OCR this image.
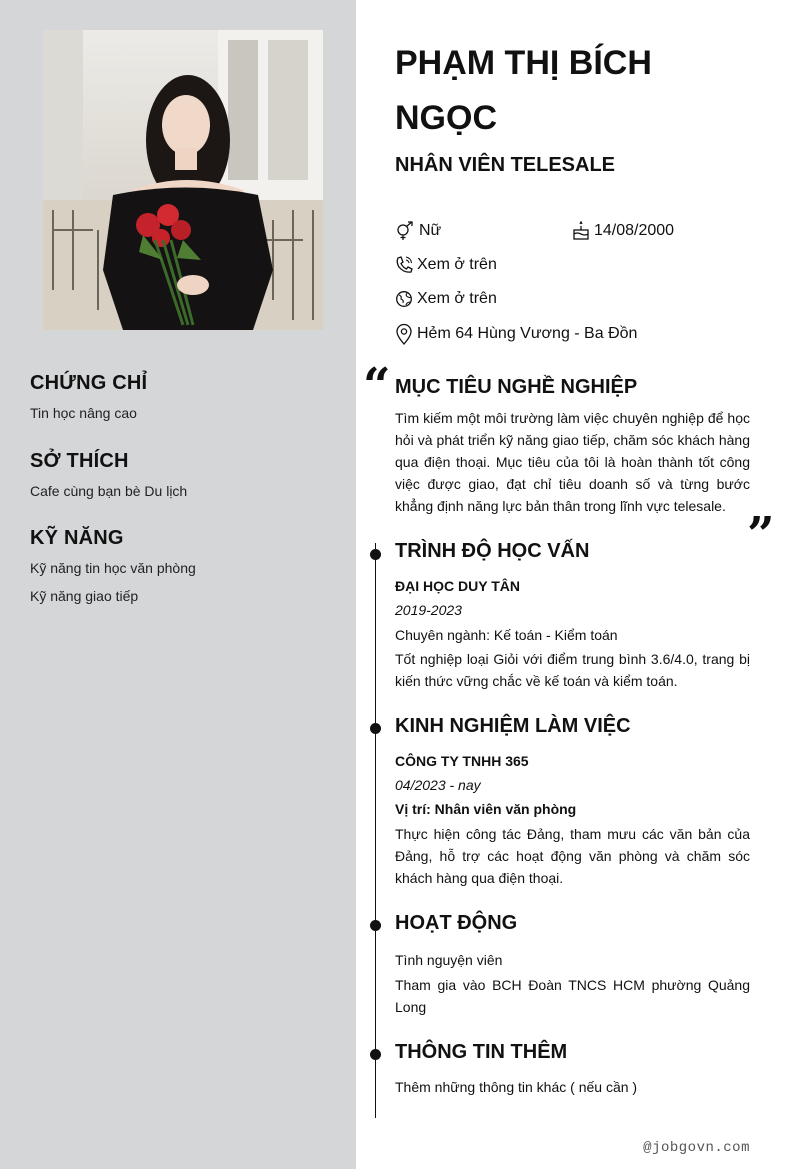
CHỨNG CHỈ

Tin học nâng cao

SỞ THÍCH

Cafe cùng bạn bè Du lịch

KỸ NĂNG

Kỹ năng tin học văn phòng

Kỹ năng giao tiếp

PHẠM THỊ BÍCH NGỌC

NHÂN VIÊN TELESALE

Nữ	14/08/2000
Xem ở trên
Xem ở trên
Hẻm 64 Hùng Vương - Ba Đồn
“ MỤC TIÊU NGHỀ NGHIỆP

Tìm kiếm một môi trường làm việc chuyên nghiệp để học hỏi và phát triển kỹ năng giao tiếp, chăm sóc khách hàng qua điện thoại. Mục tiêu của tôi là hoàn thành tốt công việc được giao, đạt chỉ tiêu doanh số và từng bước khẳng định năng lực bản thân trong lĩnh vực telesale.

”
TRÌNH ĐỘ HỌC VẤN

ĐẠI HỌC DUY TÂN

2019-2023

Chuyên ngành: Kế toán - Kiểm toán

Tốt nghiệp loại Giỏi với điểm trung bình 3.6/4.0, trang bị kiến thức vững chắc về kế toán và kiểm toán.

KINH NGHIỆM LÀM VIỆC

CÔNG TY TNHH 365

04/2023 - nay

Vị trí: Nhân viên văn phòng

Thực hiện công tác Đảng, tham mưu các văn bản của Đảng, hỗ trợ các hoạt động văn phòng và chăm sóc khách hàng qua điện thoại.

HOẠT ĐỘNG

Tình nguyện viên

Tham gia vào BCH Đoàn TNCS HCM phường Quảng Long

THÔNG TIN THÊM

Thêm những thông tin khác ( nếu cần )

@jobgovn.com
